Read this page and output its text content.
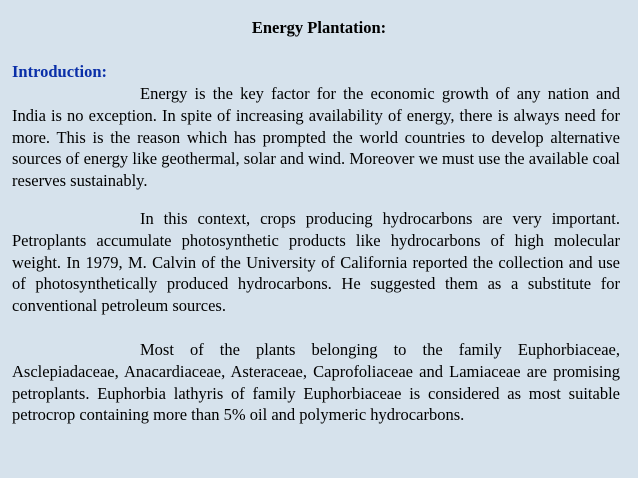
Energy Plantation:
Introduction:

Energy is the key factor for the economic growth of any nation and India is no exception. In spite of increasing availability of energy, there is always need for more. This is the reason which has prompted the world countries to develop alternative sources of energy like geothermal, solar and wind. Moreover we must use the available coal reserves sustainably.

In this context, crops producing hydrocarbons are very important. Petroplants accumulate photosynthetic products like hydrocarbons of high molecular weight. In 1979, M. Calvin of the University of California reported the collection and use of photosynthetically produced hydrocarbons. He suggested them as a substitute for conventional petroleum sources.

Most of the plants belonging to the family Euphorbiaceae, Asclepiadaceae, Anacardiaceae, Asteraceae, Caprofoliaceae and Lamiaceae are promising petroplants. Euphorbia lathyris of family Euphorbiaceae is considered as most suitable petrocrop containing more than 5% oil and polymeric hydrocarbons.
